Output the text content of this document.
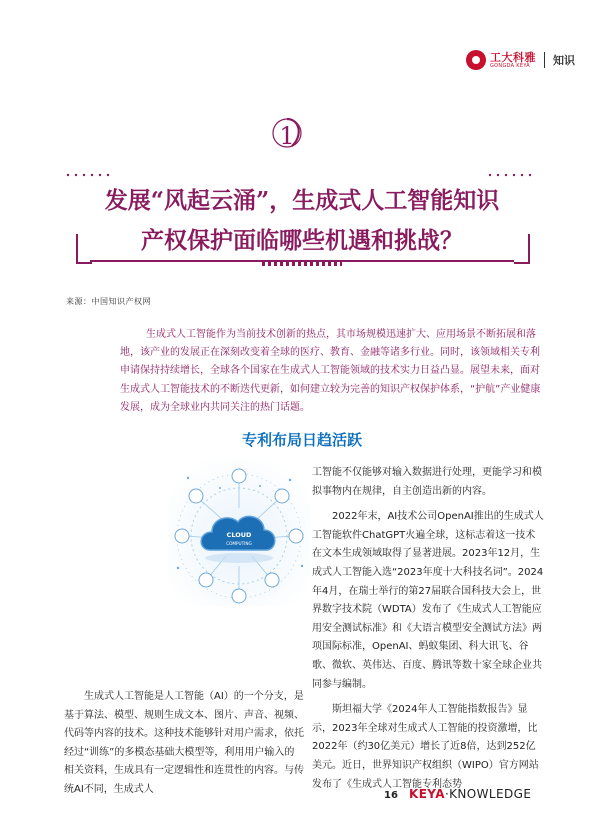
工大科雅
GONGDA KEYA	知识
1
发展“风起云涌”，生成式人工智能知识
产权保护面临哪些机遇和挑战？
来源：中国知识产权网

生成式人工智能作为当前技术创新的热点，其市场规模迅速扩大、应用场景不断拓展和落地，该产业的发展正在深刻改变着全球的医疗、教育、金融等诸多行业。同时，该领域相关专利申请保持持续增长，全球各个国家在生成式人工智能领域的技术实力日益凸显。展望未来，面对生成式人工智能技术的不断迭代更新，如何建立较为完善的知识产权保护体系，“护航”产业健康发展，成为全球业内共同关注的热门话题。

专利布局日趋活跃
CLOUD
COMPUTING

生成式人工智能是人工智能（AI）的一个分支，是基于算法、模型、规则生成文本、图片、声音、视频、代码等内容的技术。这种技术能够针对用户需求，依托经过“训练”的多模态基础大模型等，利用用户输入的相关资料，生成具有一定逻辑性和连贯性的内容。与传统AI不同，生成式人

工智能不仅能够对输入数据进行处理，更能学习和模拟事物内在规律，自主创造出新的内容。

2022年末，AI技术公司OpenAI推出的生成式人工智能软件ChatGPT火遍全球，这标志着这一技术在文本生成领域取得了显著进展。2023年12月，生成式人工智能入选“2023年度十大科技名词”。2024年4月，在瑞士举行的第27届联合国科技大会上，世界数字技术院（WDTA）发布了《生成式人工智能应用安全测试标准》和《大语言模型安全测试方法》两项国际标准，OpenAI、蚂蚁集团、科大讯飞、谷歌、微软、英伟达、百度、腾讯等数十家全球企业共同参与编制。

斯坦福大学《2024年人工智能指数报告》显示，2023年全球对生成式人工智能的投资激增，比2022年（约30亿美元）增长了近8倍，达到252亿美元。近日，世界知识产权组织（WIPO）官方网站发布了《生成式人工智能专利态势

16 KEYA·KNOWLEDGE
